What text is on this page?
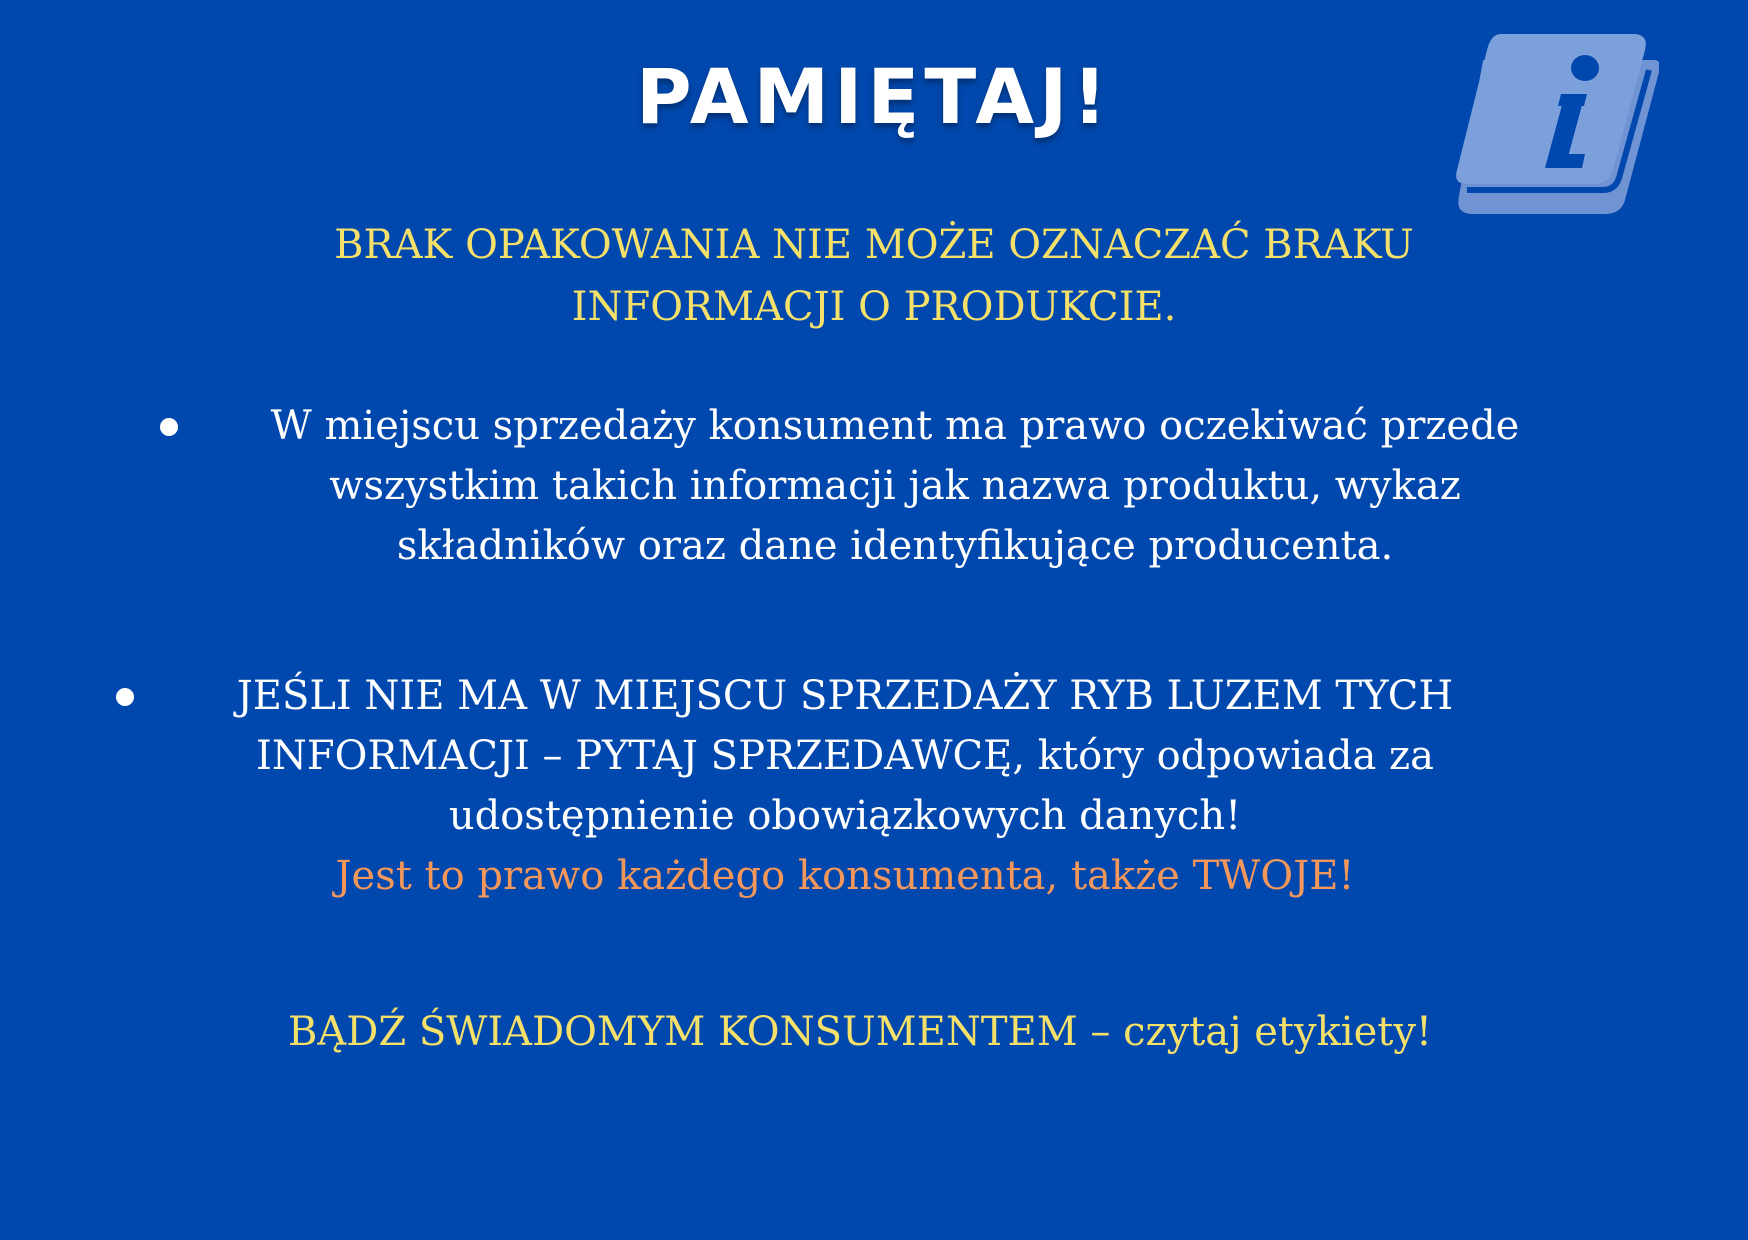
PAMIĘTAJ!
BRAK OPAKOWANIA NIE MOŻE OZNACZAĆ BRAKU
INFORMACJI O PRODUKCIE.
W miejscu sprzedaży konsument ma prawo oczekiwać przede
wszystkim takich informacji jak nazwa produktu, wykaz
składników oraz dane identyfikujące producenta.
JEŚLI NIE MA W MIEJSCU SPRZEDAŻY RYB LUZEM TYCH
INFORMACJI – PYTAJ SPRZEDAWCĘ, który odpowiada za
udostępnienie obowiązkowych danych!
Jest to prawo każdego konsumenta, także TWOJE!
BĄDŹ ŚWIADOMYM KONSUMENTEM – czytaj etykiety!
